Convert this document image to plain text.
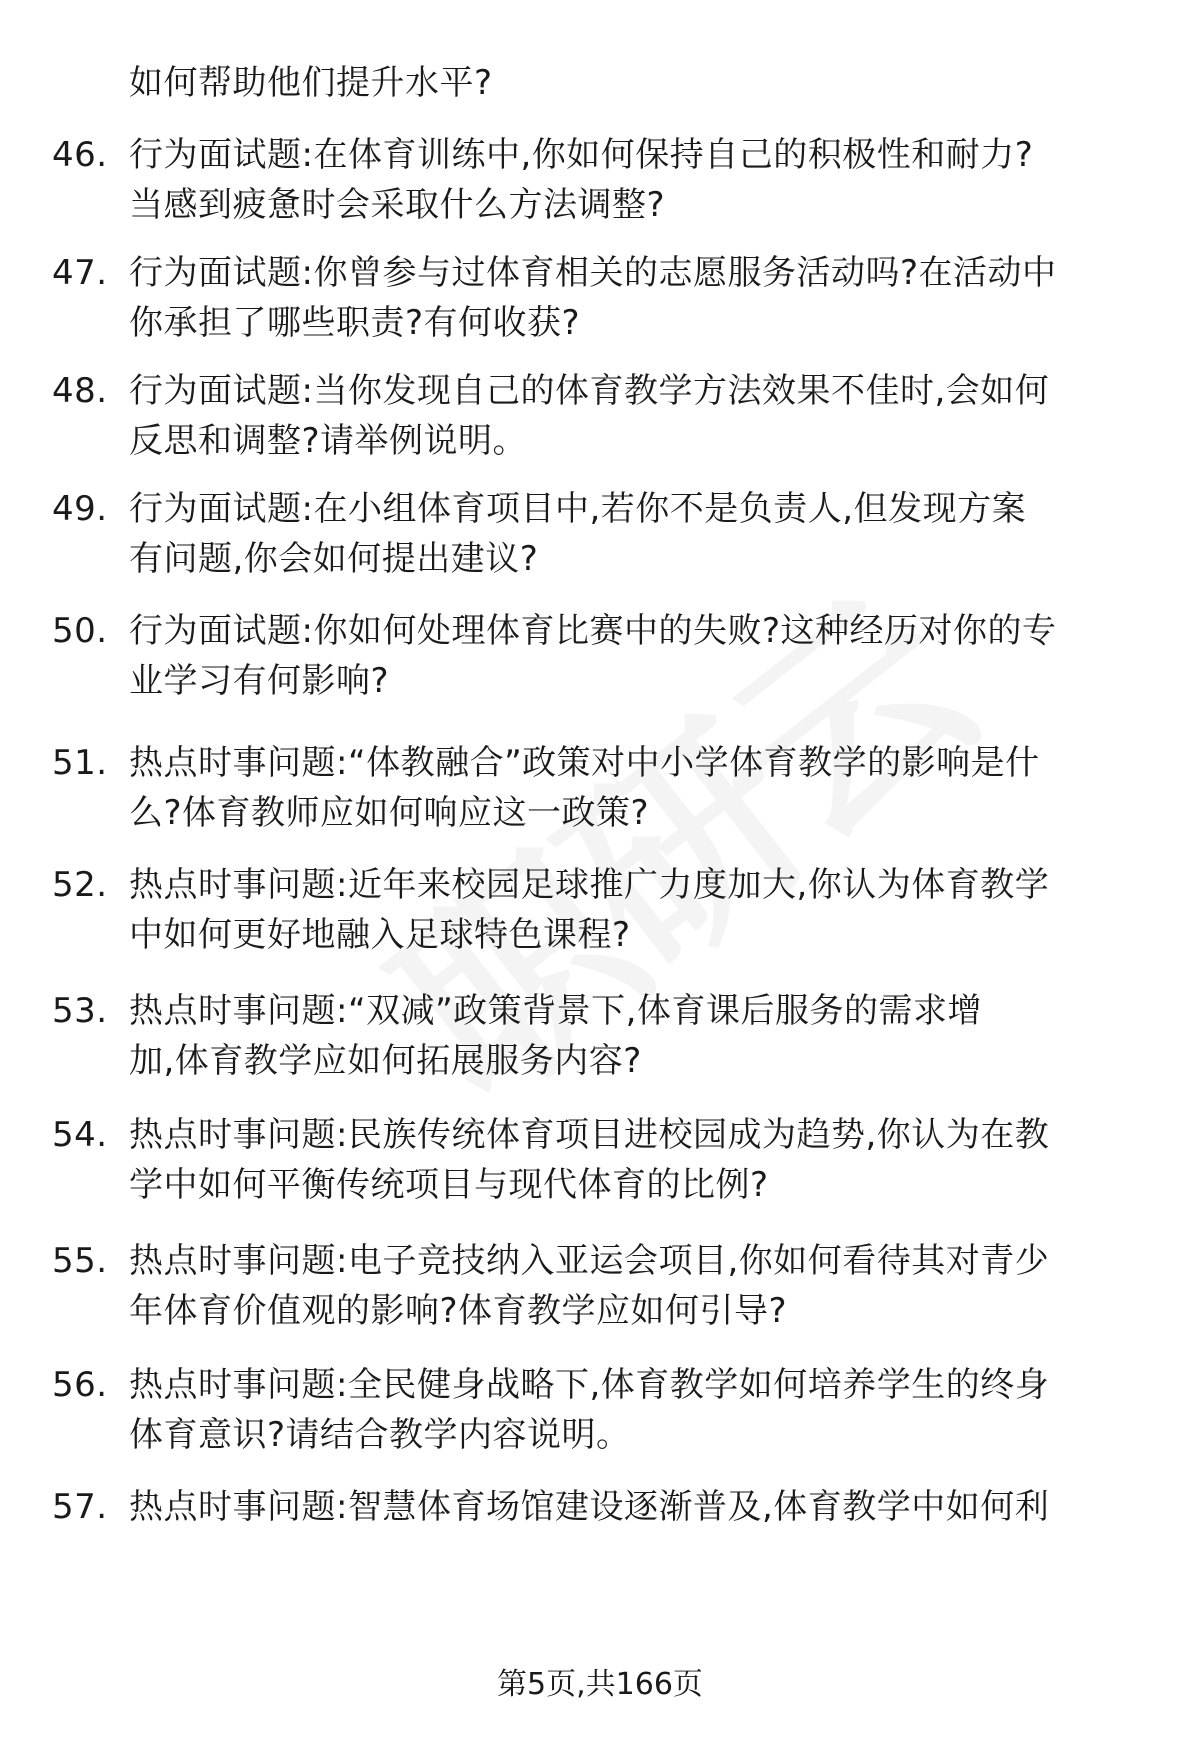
如何帮助他们提升水平?
46. 行为面试题:在体育训练中,你如何保持自己的积极性和耐力?
当感到疲惫时会采取什么方法调整?
47. 行为面试题:你曾参与过体育相关的志愿服务活动吗?在活动中
你承担了哪些职责?有何收获?
48. 行为面试题:当你发现自己的体育教学方法效果不佳时,会如何
反思和调整?请举例说明。
49. 行为面试题:在小组体育项目中,若你不是负责人,但发现方案
有问题,你会如何提出建议?
50. 行为面试题:你如何处理体育比赛中的失败?这种经历对你的专
业学习有何影响?
51. 热点时事问题:“体教融合”政策对中小学体育教学的影响是什
么?体育教师应如何响应这一政策?
52. 热点时事问题:近年来校园足球推广力度加大,你认为体育教学
中如何更好地融入足球特色课程?
53. 热点时事问题:“双减”政策背景下,体育课后服务的需求增
加,体育教学应如何拓展服务内容?
54. 热点时事问题:民族传统体育项目进校园成为趋势,你认为在教
学中如何平衡传统项目与现代体育的比例?
55. 热点时事问题:电子竞技纳入亚运会项目,你如何看待其对青少
年体育价值观的影响?体育教学应如何引导?
56. 热点时事问题:全民健身战略下,体育教学如何培养学生的终身
体育意识?请结合教学内容说明。
57. 热点时事问题:智慧体育场馆建设逐渐普及,体育教学中如何利
第5页,共166页
